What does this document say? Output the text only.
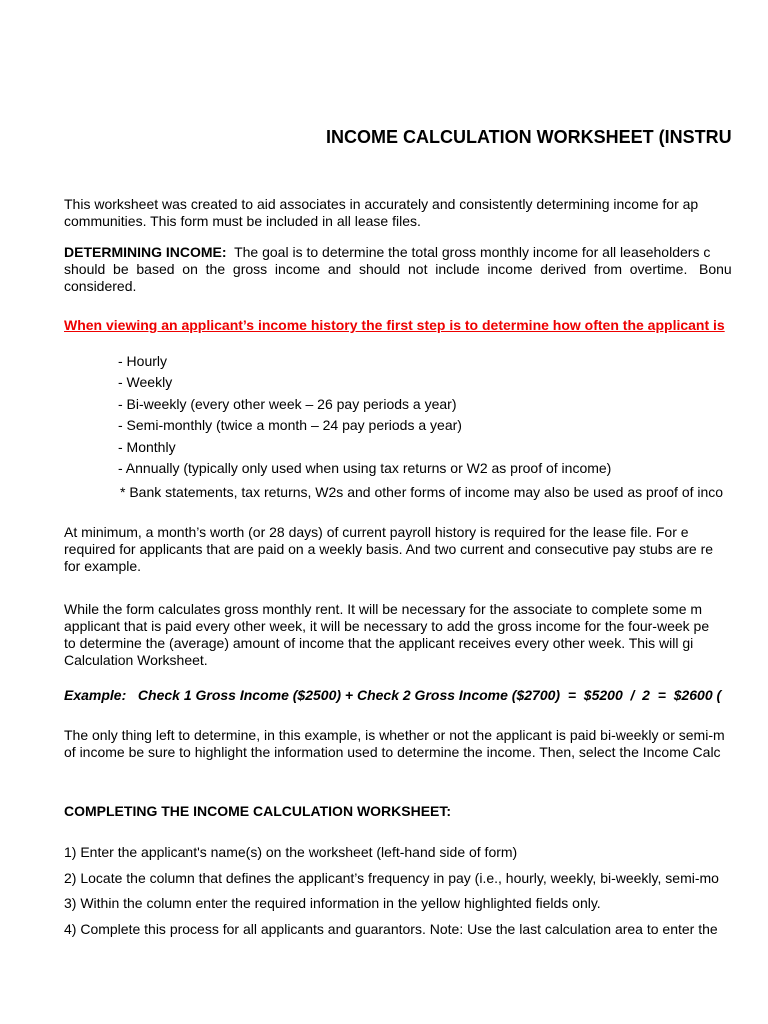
INCOME CALCULATION WORKSHEET (INSTRU
This worksheet was created to aid associates in accurately and consistently determining income for ap
communities. This form must be included in all lease files.
DETERMINING INCOME:  The goal is to determine the total gross monthly income for all leaseholders c
should  be  based  on  the  gross  income  and  should  not  include  income  derived  from  overtime.   Bonu
considered.
When viewing an applicant’s income history the first step is to determine how often the applicant is
- Hourly
- Weekly
- Bi-weekly (every other week – 26 pay periods a year)
- Semi-monthly (twice a month – 24 pay periods a year)
- Monthly
- Annually (typically only used when using tax returns or W2 as proof of income)
* Bank statements, tax returns, W2s and other forms of income may also be used as proof of inco
At minimum, a month’s worth (or 28 days) of current payroll history is required for the lease file. For e
required for applicants that are paid on a weekly basis. And two current and consecutive pay stubs are re
for example.
While the form calculates gross monthly rent. It will be necessary for the associate to complete some m
applicant that is paid every other week, it will be necessary to add the gross income for the four-week pe
to determine the (average) amount of income that the applicant receives every other week. This will gi
Calculation Worksheet.
Example:   Check 1 Gross Income ($2500) + Check 2 Gross Income ($2700)  =  $5200  /  2  =  $2600 (
The only thing left to determine, in this example, is whether or not the applicant is paid bi-weekly or semi-m
of income be sure to highlight the information used to determine the income. Then, select the Income Calc
COMPLETING THE INCOME CALCULATION WORKSHEET:
1) Enter the applicant's name(s) on the worksheet (left-hand side of form)
2) Locate the column that defines the applicant’s frequency in pay (i.e., hourly, weekly, bi-weekly, semi-mo
3) Within the column enter the required information in the yellow highlighted fields only.
4) Complete this process for all applicants and guarantors. Note: Use the last calculation area to enter the
